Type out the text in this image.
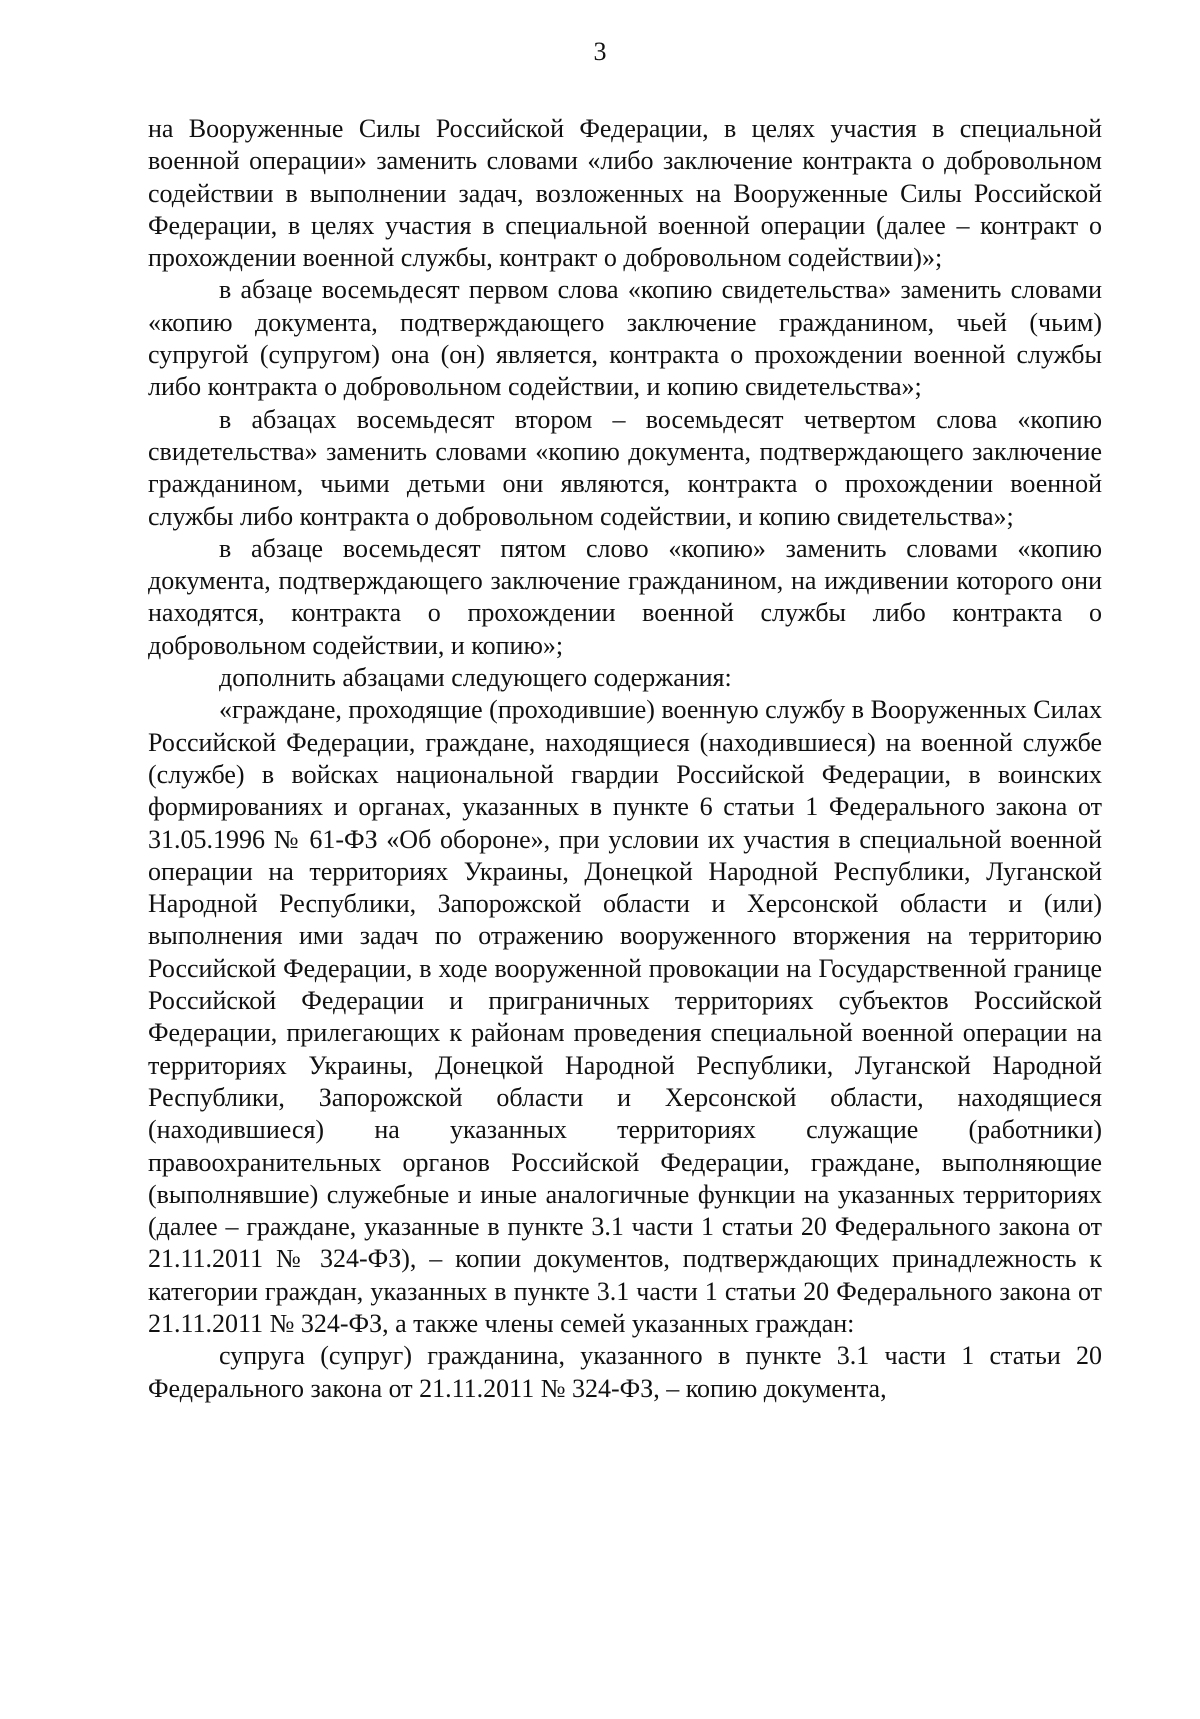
3

на Вооруженные Силы Российской Федерации, в целях участия в специальной военной операции» заменить словами «либо заключение контракта о добровольном содействии в выполнении задач, возложенных на Вооруженные Силы Российской Федерации, в целях участия в специальной военной операции (далее – контракт о прохождении военной службы, контракт о добровольном содействии)»;

в абзаце восемьдесят первом слова «копию свидетельства» заменить словами «копию документа, подтверждающего заключение гражданином, чьей (чьим) супругой (супругом) она (он) является, контракта о прохождении военной службы либо контракта о добровольном содействии, и копию свидетельства»;

в абзацах восемьдесят втором – восемьдесят четвертом слова «копию свидетельства» заменить словами «копию документа, подтверждающего заключение гражданином, чьими детьми они являются, контракта о прохождении военной службы либо контракта о добровольном содействии, и копию свидетельства»;

в абзаце восемьдесят пятом слово «копию» заменить словами «копию документа, подтверждающего заключение гражданином, на иждивении которого они находятся, контракта о прохождении военной службы либо контракта о добровольном содействии, и копию»;

дополнить абзацами следующего содержания:

«граждане, проходящие (проходившие) военную службу в Вооруженных Силах Российской Федерации, граждане, находящиеся (находившиеся) на военной службе (службе) в войсках национальной гвардии Российской Федерации, в воинских формированиях и органах, указанных в пункте 6 статьи 1 Федерального закона от 31.05.1996 № 61-ФЗ «Об обороне», при условии их участия в специальной военной операции на территориях Украины, Донецкой Народной Республики, Луганской Народной Республики, Запорожской области и Херсонской области и (или) выполнения ими задач по отражению вооруженного вторжения на территорию Российской Федерации, в ходе вооруженной провокации на Государственной границе Российской Федерации и приграничных территориях субъектов Российской Федерации, прилегающих к районам проведения специальной военной операции на территориях Украины, Донецкой Народной Республики, Луганской Народной Республики, Запорожской области и Херсонской области, находящиеся (находившиеся) на указанных территориях служащие (работники) правоохранительных органов Российской Федерации, граждане, выполняющие (выполнявшие) служебные и иные аналогичные функции на указанных территориях (далее – граждане, указанные в пункте 3.1 части 1 статьи 20 Федерального закона от 21.11.2011 № 324-ФЗ), – копии документов, подтверждающих принадлежность к категории граждан, указанных в пункте 3.1 части 1 статьи 20 Федерального закона от 21.11.2011 № 324-ФЗ, а также члены семей указанных граждан:

супруга (супруг) гражданина, указанного в пункте 3.1 части 1 статьи 20 Федерального закона от 21.11.2011 № 324-ФЗ, – копию документа,
